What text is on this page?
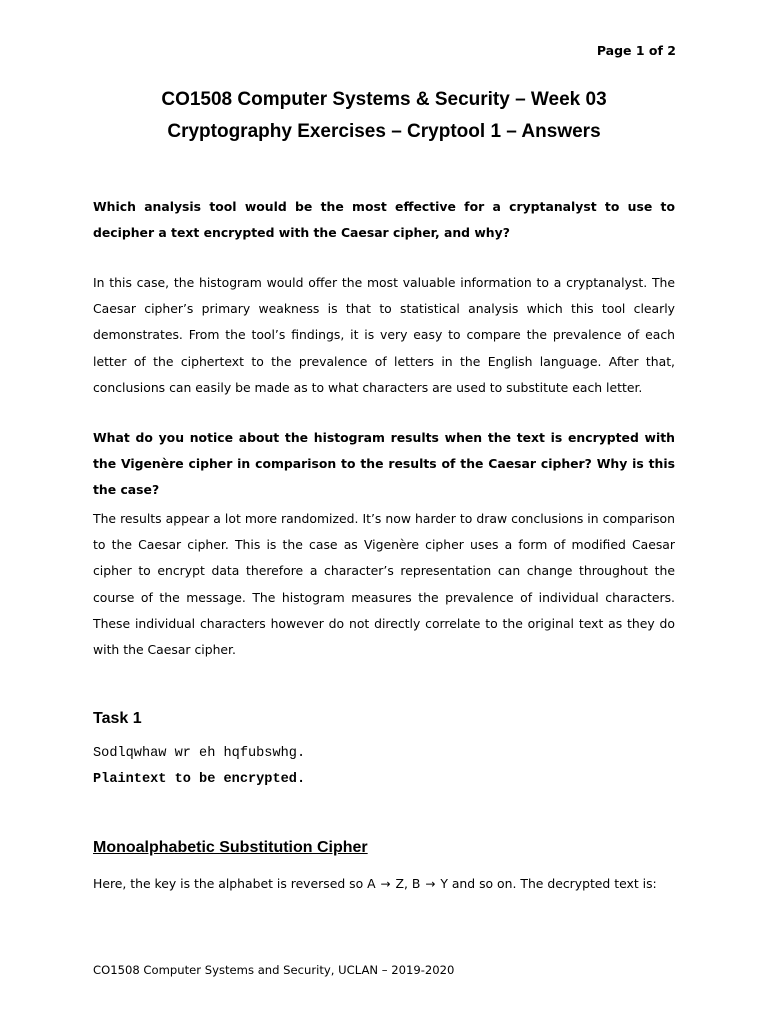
Page 1 of 2
CO1508 Computer Systems & Security – Week 03
Cryptography Exercises – Cryptool 1 – Answers
Which analysis tool would be the most effective for a cryptanalyst to use to decipher a text encrypted with the Caesar cipher, and why?
In this case, the histogram would offer the most valuable information to a cryptanalyst. The Caesar cipher’s primary weakness is that to statistical analysis which this tool clearly demonstrates. From the tool’s findings, it is very easy to compare the prevalence of each letter of the ciphertext to the prevalence of letters in the English language. After that, conclusions can easily be made as to what characters are used to substitute each letter.
What do you notice about the histogram results when the text is encrypted with the Vigenère cipher in comparison to the results of the Caesar cipher? Why is this the case?
The results appear a lot more randomized. It’s now harder to draw conclusions in comparison to the Caesar cipher. This is the case as Vigenère cipher uses a form of modified Caesar cipher to encrypt data therefore a character’s representation can change throughout the course of the message. The histogram measures the prevalence of individual characters. These individual characters however do not directly correlate to the original text as they do with the Caesar cipher.
Task 1
Sodlqwhaw wr eh hqfubswhg.
Plaintext to be encrypted.
Monoalphabetic Substitution Cipher
Here, the key is the alphabet is reversed so A → Z, B → Y and so on. The decrypted text is:
CO1508 Computer Systems and Security, UCLAN – 2019-2020
